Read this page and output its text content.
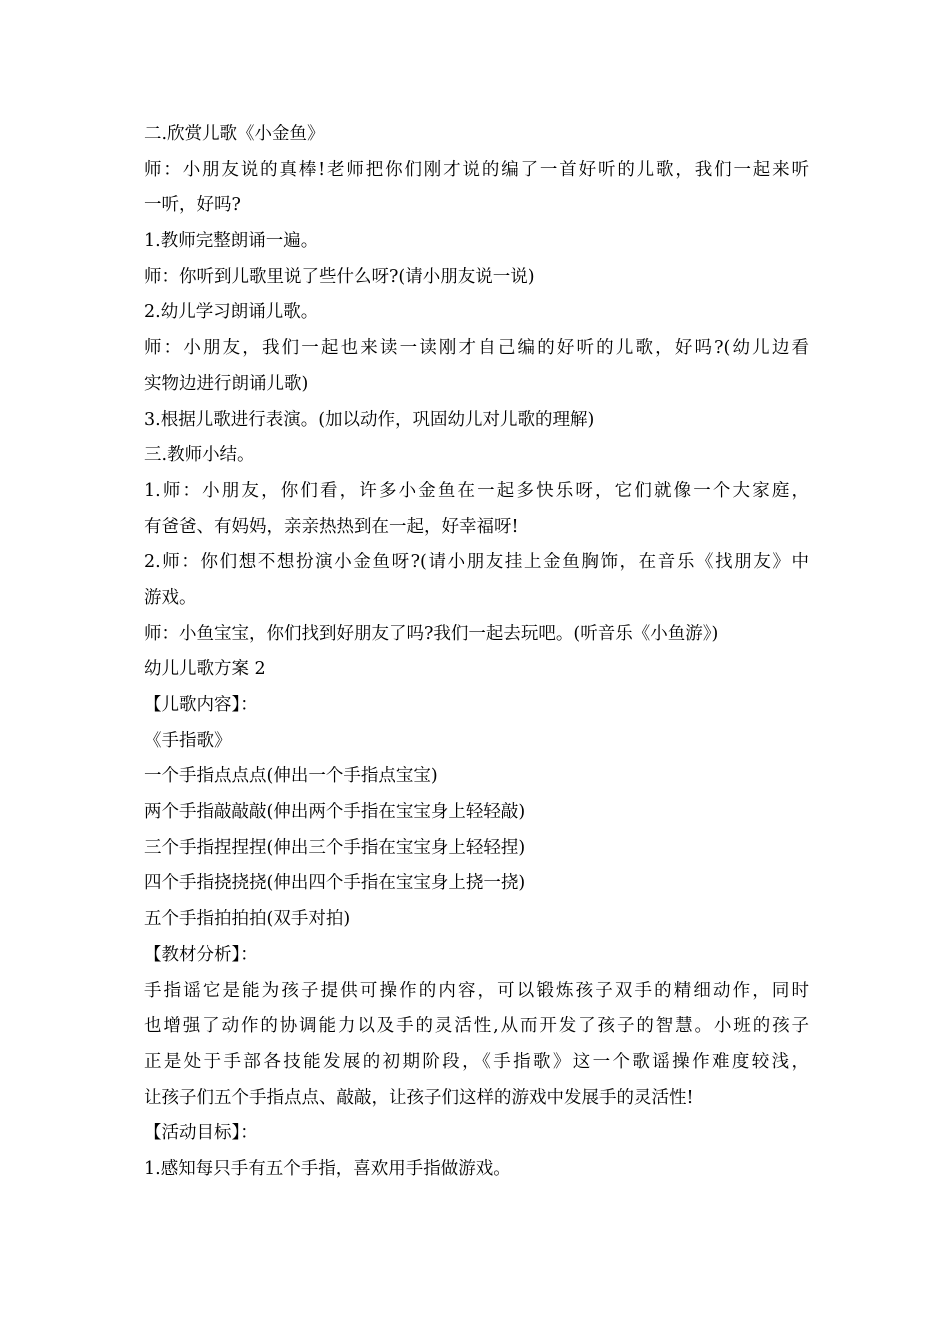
二.欣赏儿歌《小金鱼》
师：小朋友说的真棒!老师把你们刚才说的编了一首好听的儿歌，我们一起来听
一听，好吗?
1.教师完整朗诵一遍。
师：你听到儿歌里说了些什么呀?(请小朋友说一说)
2.幼儿学习朗诵儿歌。
师：小朋友，我们一起也来读一读刚才自己编的好听的儿歌，好吗?(幼儿边看
实物边进行朗诵儿歌)
3.根据儿歌进行表演。(加以动作，巩固幼儿对儿歌的理解)
三.教师小结。
1.师：小朋友，你们看，许多小金鱼在一起多快乐呀，它们就像一个大家庭，
有爸爸、有妈妈，亲亲热热到在一起，好幸福呀!
2.师：你们想不想扮演小金鱼呀?(请小朋友挂上金鱼胸饰，在音乐《找朋友》中
游戏。
师：小鱼宝宝，你们找到好朋友了吗?我们一起去玩吧。(听音乐《小鱼游》)
幼儿儿歌方案 2
【儿歌内容】：
《手指歌》
一个手指点点点(伸出一个手指点宝宝)
两个手指敲敲敲(伸出两个手指在宝宝身上轻轻敲)
三个手指捏捏捏(伸出三个手指在宝宝身上轻轻捏)
四个手指挠挠挠(伸出四个手指在宝宝身上挠一挠)
五个手指拍拍拍(双手对拍)
【教材分析】：
手指谣它是能为孩子提供可操作的内容，可以锻炼孩子双手的精细动作，同时
也增强了动作的协调能力以及手的灵活性,从而开发了孩子的智慧。小班的孩子
正是处于手部各技能发展的初期阶段，《手指歌》这一个歌谣操作难度较浅，
让孩子们五个手指点点、敲敲，让孩子们这样的游戏中发展手的灵活性!
【活动目标】：
1.感知每只手有五个手指，喜欢用手指做游戏。
